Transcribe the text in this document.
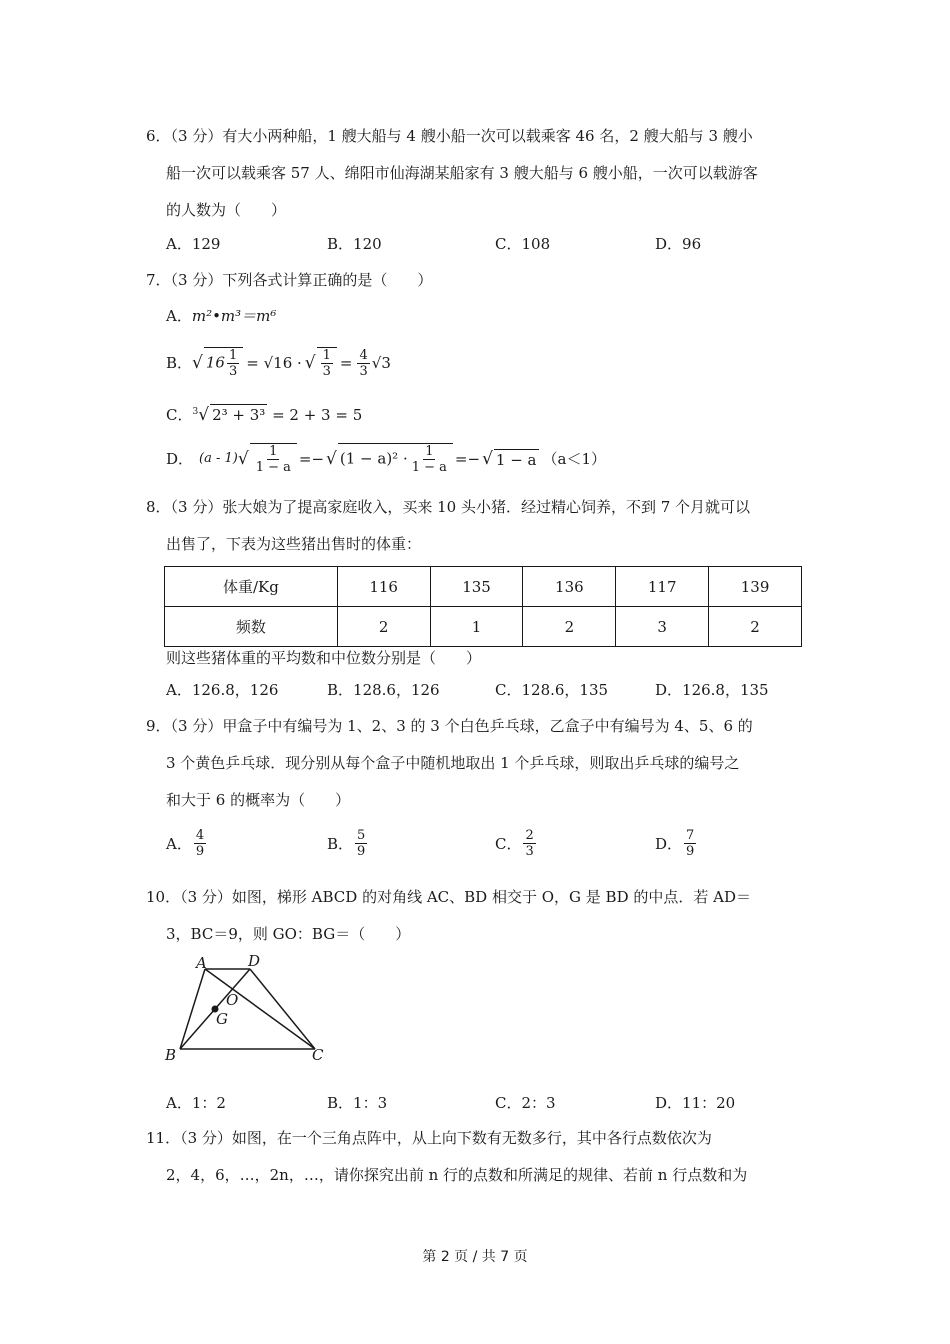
6．（3 分）有大小两种船，1 艘大船与 4 艘小船一次可以载乘客 46 名，2 艘大船与 3 艘小
船一次可以载乘客 57 人、绵阳市仙海湖某船家有 3 艘大船与 6 艘小船，一次可以载游客
的人数为（　　）
A．129	B．120	C．108	D．96
7．（3 分）下列各式计算正确的是（　　）
A．m²•m³＝m⁶
B． √ $16 \frac{1}{3} = √16$ · √ $\frac{1}{3} = \frac{4}{3} √3$
C．$^3$√ 2³ + 3³ = 2 + 3 = 5
D． (a - 1) √ $\frac{1}{1 - a}$ =− √ $(1 - a)^2 \cdot \frac{1}{1 - a}$ =− √ 1 − a （a＜1）
8．（3 分）张大娘为了提高家庭收入，买来 10 头小猪．经过精心饲养，不到 7 个月就可以
出售了，下表为这些猪出售时的体重：
体重/Kg	116	135	136	117	139
频数	2	1	2	3	2
则这些猪体重的平均数和中位数分别是（　　）
A．126.8，126	B．128.6，126	C．128.6，135	D．126.8，135
9．（3 分）甲盒子中有编号为 1、2、3 的 3 个白色乒乓球，乙盒子中有编号为 4、5、6 的
3 个黄色乒乓球．现分别从每个盒子中随机地取出 1 个乒乓球，则取出乒乓球的编号之
和大于 6 的概率为（　　）
A． $\frac{4}{9}$	B． $\frac{5}{9}$	C． $\frac{2}{3}$	D． $\frac{7}{9}$
10．（3 分）如图，梯形 ABCD 的对角线 AC、BD 相交于 O，G 是 BD 的中点．若 AD＝
3，BC＝9，则 GO：BG＝（　　）
A	D
O
G
B	C
A．1：2	B．1：3	C．2：3	D．11：20
11．（3 分）如图，在一个三角点阵中，从上向下数有无数多行，其中各行点数依次为
2，4，6，…，2n，…，请你探究出前 n 行的点数和所满足的规律、若前 n 行点数和为
第 2 页 / 共 7 页
